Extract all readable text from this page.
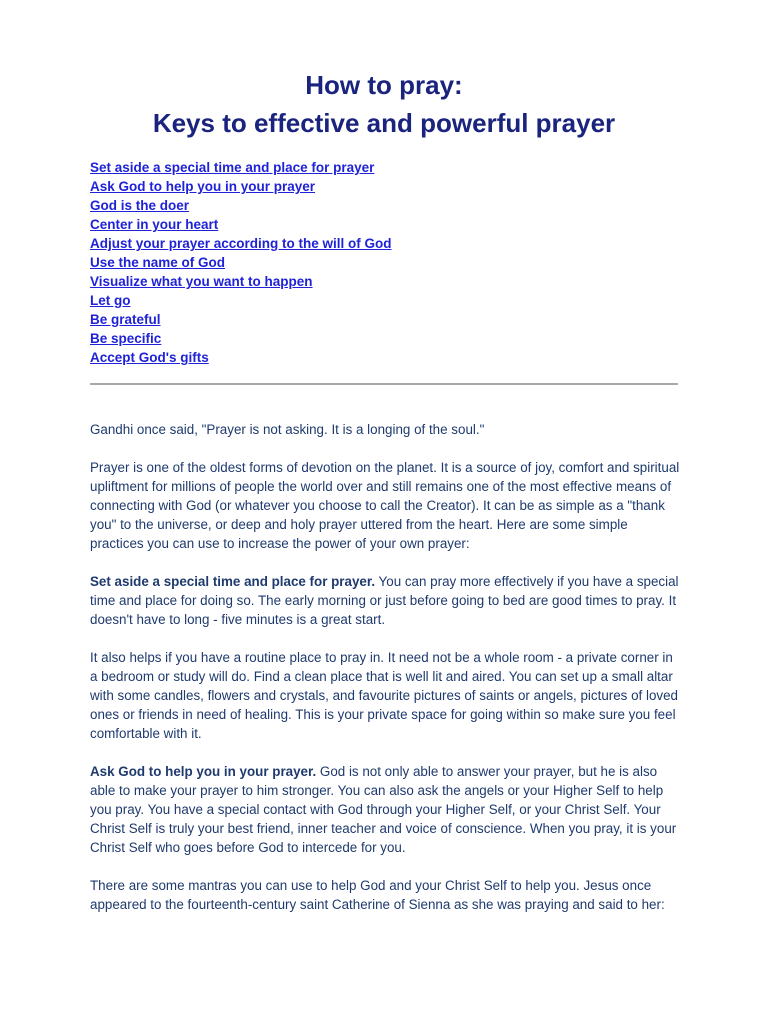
How to pray:
Keys to effective and powerful prayer
Set aside a special time and place for prayer
Ask God to help you in your prayer
God is the doer
Center in your heart
Adjust your prayer according to the will of God
Use the name of God
Visualize what you want to happen
Let go
Be grateful
Be specific
Accept God's gifts

Gandhi once said, "Prayer is not asking. It is a longing of the soul."

Prayer is one of the oldest forms of devotion on the planet. It is a source of joy, comfort and spiritual upliftment for millions of people the world over and still remains one of the most effective means of connecting with God (or whatever you choose to call the Creator). It can be as simple as a "thank you" to the universe, or deep and holy prayer uttered from the heart. Here are some simple practices you can use to increase the power of your own prayer:

Set aside a special time and place for prayer. You can pray more effectively if you have a special time and place for doing so. The early morning or just before going to bed are good times to pray. It doesn't have to long - five minutes is a great start.

It also helps if you have a routine place to pray in. It need not be a whole room - a private corner in a bedroom or study will do. Find a clean place that is well lit and aired. You can set up a small altar with some candles, flowers and crystals, and favourite pictures of saints or angels, pictures of loved ones or friends in need of healing. This is your private space for going within so make sure you feel comfortable with it.

Ask God to help you in your prayer. God is not only able to answer your prayer, but he is also able to make your prayer to him stronger. You can also ask the angels or your Higher Self to help you pray. You have a special contact with God through your Higher Self, or your Christ Self. Your Christ Self is truly your best friend, inner teacher and voice of conscience. When you pray, it is your Christ Self who goes before God to intercede for you.

There are some mantras you can use to help God and your Christ Self to help you. Jesus once appeared to the fourteenth-century saint Catherine of Sienna as she was praying and said to her:
